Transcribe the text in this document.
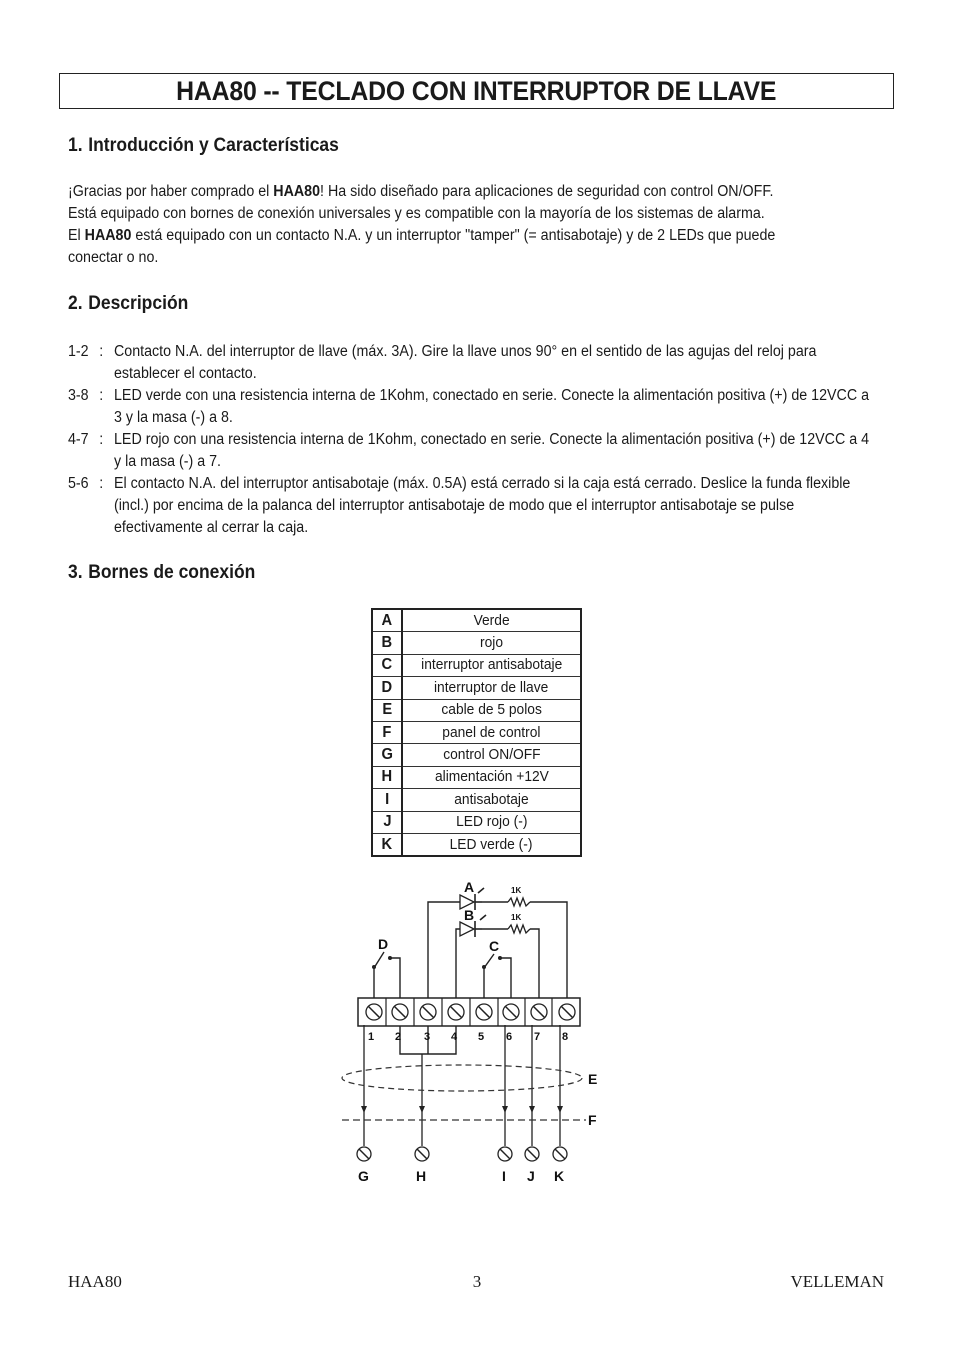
HAA80 -- TECLADO CON INTERRUPTOR DE LLAVE
1. Introducción y Características

¡Gracias por haber comprado el HAA80! Ha sido diseñado para aplicaciones de seguridad con control ON/OFF.
Está equipado con bornes de conexión universales y es compatible con la mayoría de los sistemas de alarma.
El HAA80 está equipado con un contacto N.A. y un interruptor "tamper" (= antisabotaje) y de 2 LEDs que puede conectar o no.

2. Descripción
1-2 : Contacto N.A. del interruptor de llave (máx. 3A). Gire la llave unos 90° en el sentido de las agujas del reloj para establecer el contacto.
3-8 : LED verde con una resistencia interna de 1Kohm, conectado en serie. Conecte la alimentación positiva (+) de 12VCC a 3 y la masa (-) a 8.
4-7 : LED rojo con una resistencia interna de 1Kohm, conectado en serie. Conecte la alimentación positiva (+) de 12VCC a 4 y la masa (-) a 7.
5-6 : El contacto N.A. del interruptor antisabotaje (máx. 0.5A) está cerrado si la caja está cerrado. Deslice la funda flexible (incl.) por encima de la palanca del interruptor antisabotaje de modo que el interruptor antisabotaje se pulse efectivamente al cerrar la caja.
3. Bornes de conexión
A	Verde
B	rojo
C	interruptor antisabotaje
D	interruptor de llave
E	cable de 5 polos
F	panel de control
G	control ON/OFF
H	alimentación +12V
I	antisabotaje
J	LED rojo (-)
K	LED verde (-)
A
B
C
D
1K
1K
1 2 3 4 5 6 7 8
E
F
G	H	I J K
HAA80	3	VELLEMAN
